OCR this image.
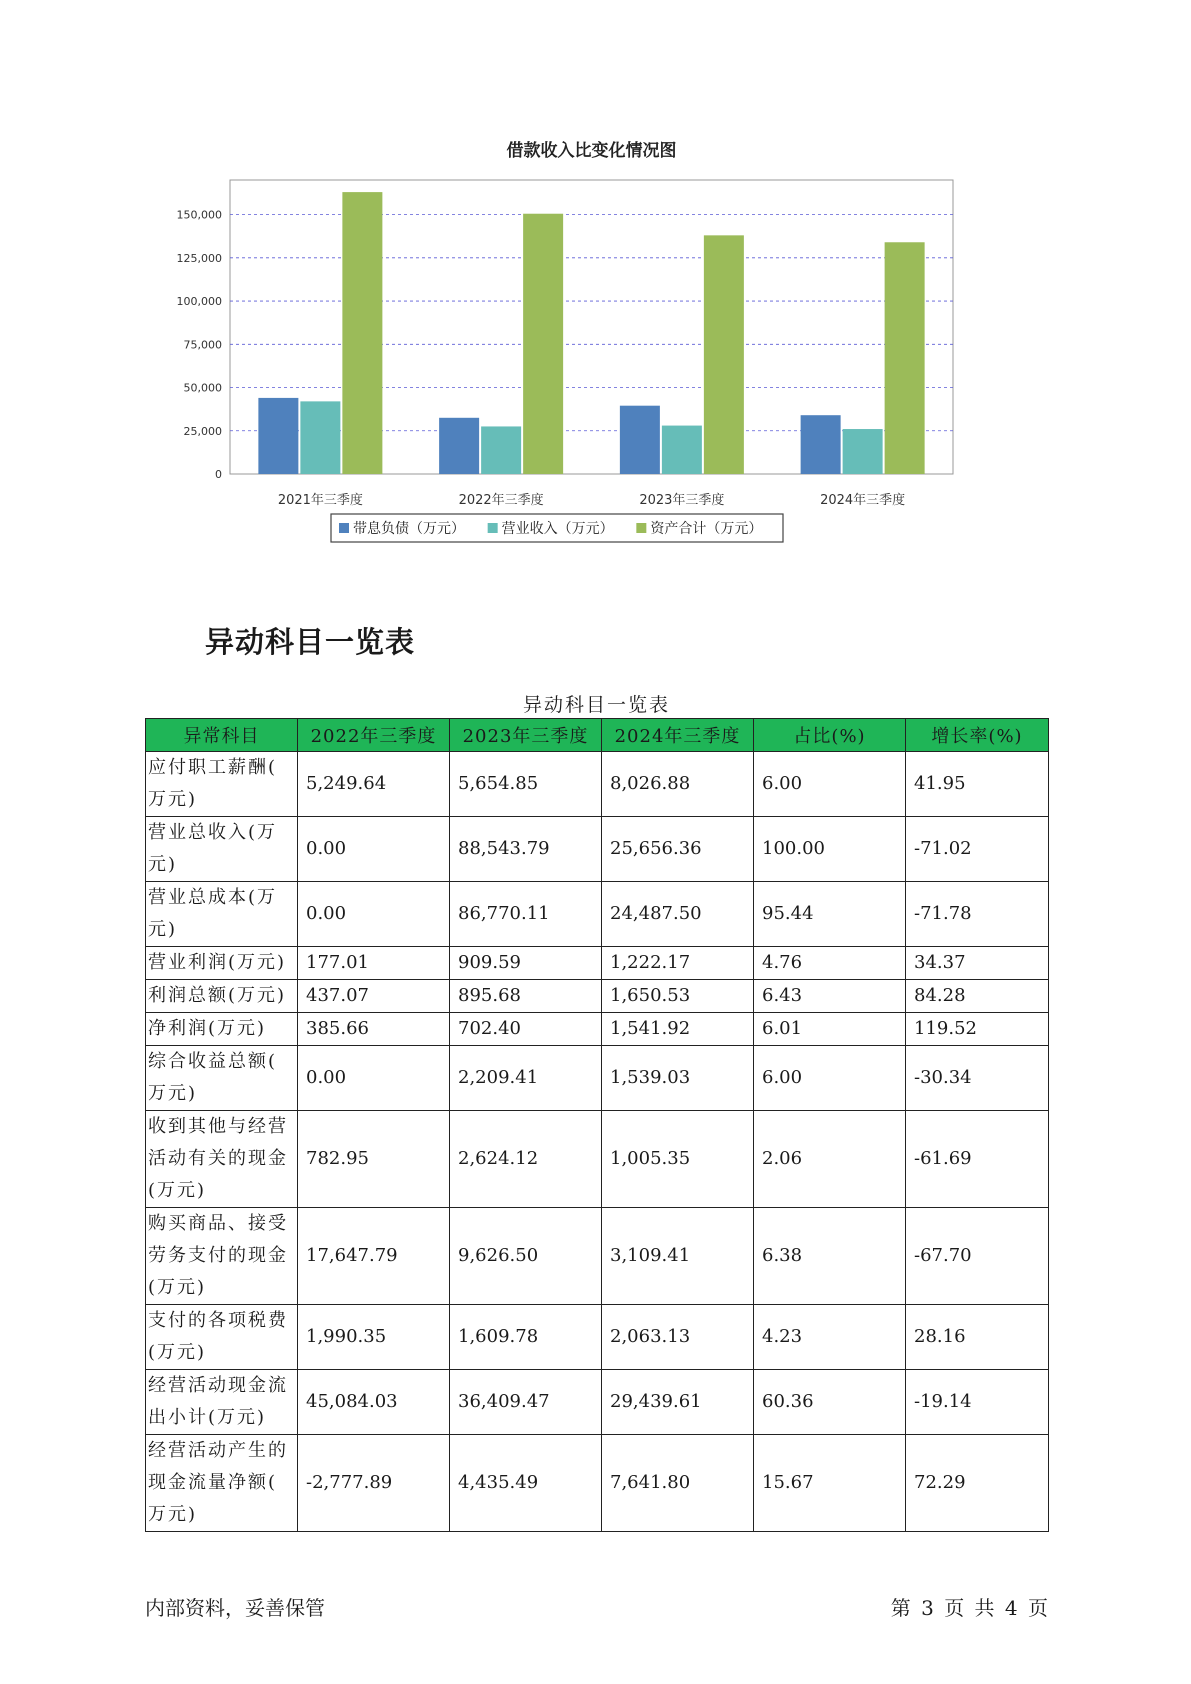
借款收入比变化情况图
0
25,000
50,000
75,000
100,000
125,000
150,000
2021年三季度	2022年三季度	2023年三季度	2024年三季度
带息负债（万元）	营业收入（万元）	资产合计（万元）
异动科目一览表
异动科目一览表
异常科目	2022年三季度	2023年三季度	2024年三季度	占比(%)	增长率(%)

应付职工薪酬(
万元)	5,249.64	5,654.85	8,026.88	6.00	41.95

营业总收入(万
元)	0.00	88,543.79	25,656.36	100.00	-71.02

营业总成本(万
元)	0.00	86,770.11	24,487.50	95.44	-71.78

营业利润(万元)	177.01	909.59	1,222.17	4.76	34.37

利润总额(万元)	437.07	895.68	1,650.53	6.43	84.28

净利润(万元)	385.66	702.40	1,541.92	6.01	119.52

综合收益总额(
万元)	0.00	2,209.41	1,539.03	6.00	-30.34

收到其他与经营
活动有关的现金
(万元)	782.95	2,624.12	1,005.35	2.06	-61.69

购买商品、接受
劳务支付的现金
(万元)	17,647.79	9,626.50	3,109.41	6.38	-67.70

支付的各项税费
(万元)	1,990.35	1,609.78	2,063.13	4.23	28.16

经营活动现金流
出小计(万元)	45,084.03	36,409.47	29,439.61	60.36	-19.14

经营活动产生的
现金流量净额(
万元)	-2,777.89	4,435.49	7,641.80	15.67	72.29
内部资料，妥善保管	第 3 页 共 4 页
